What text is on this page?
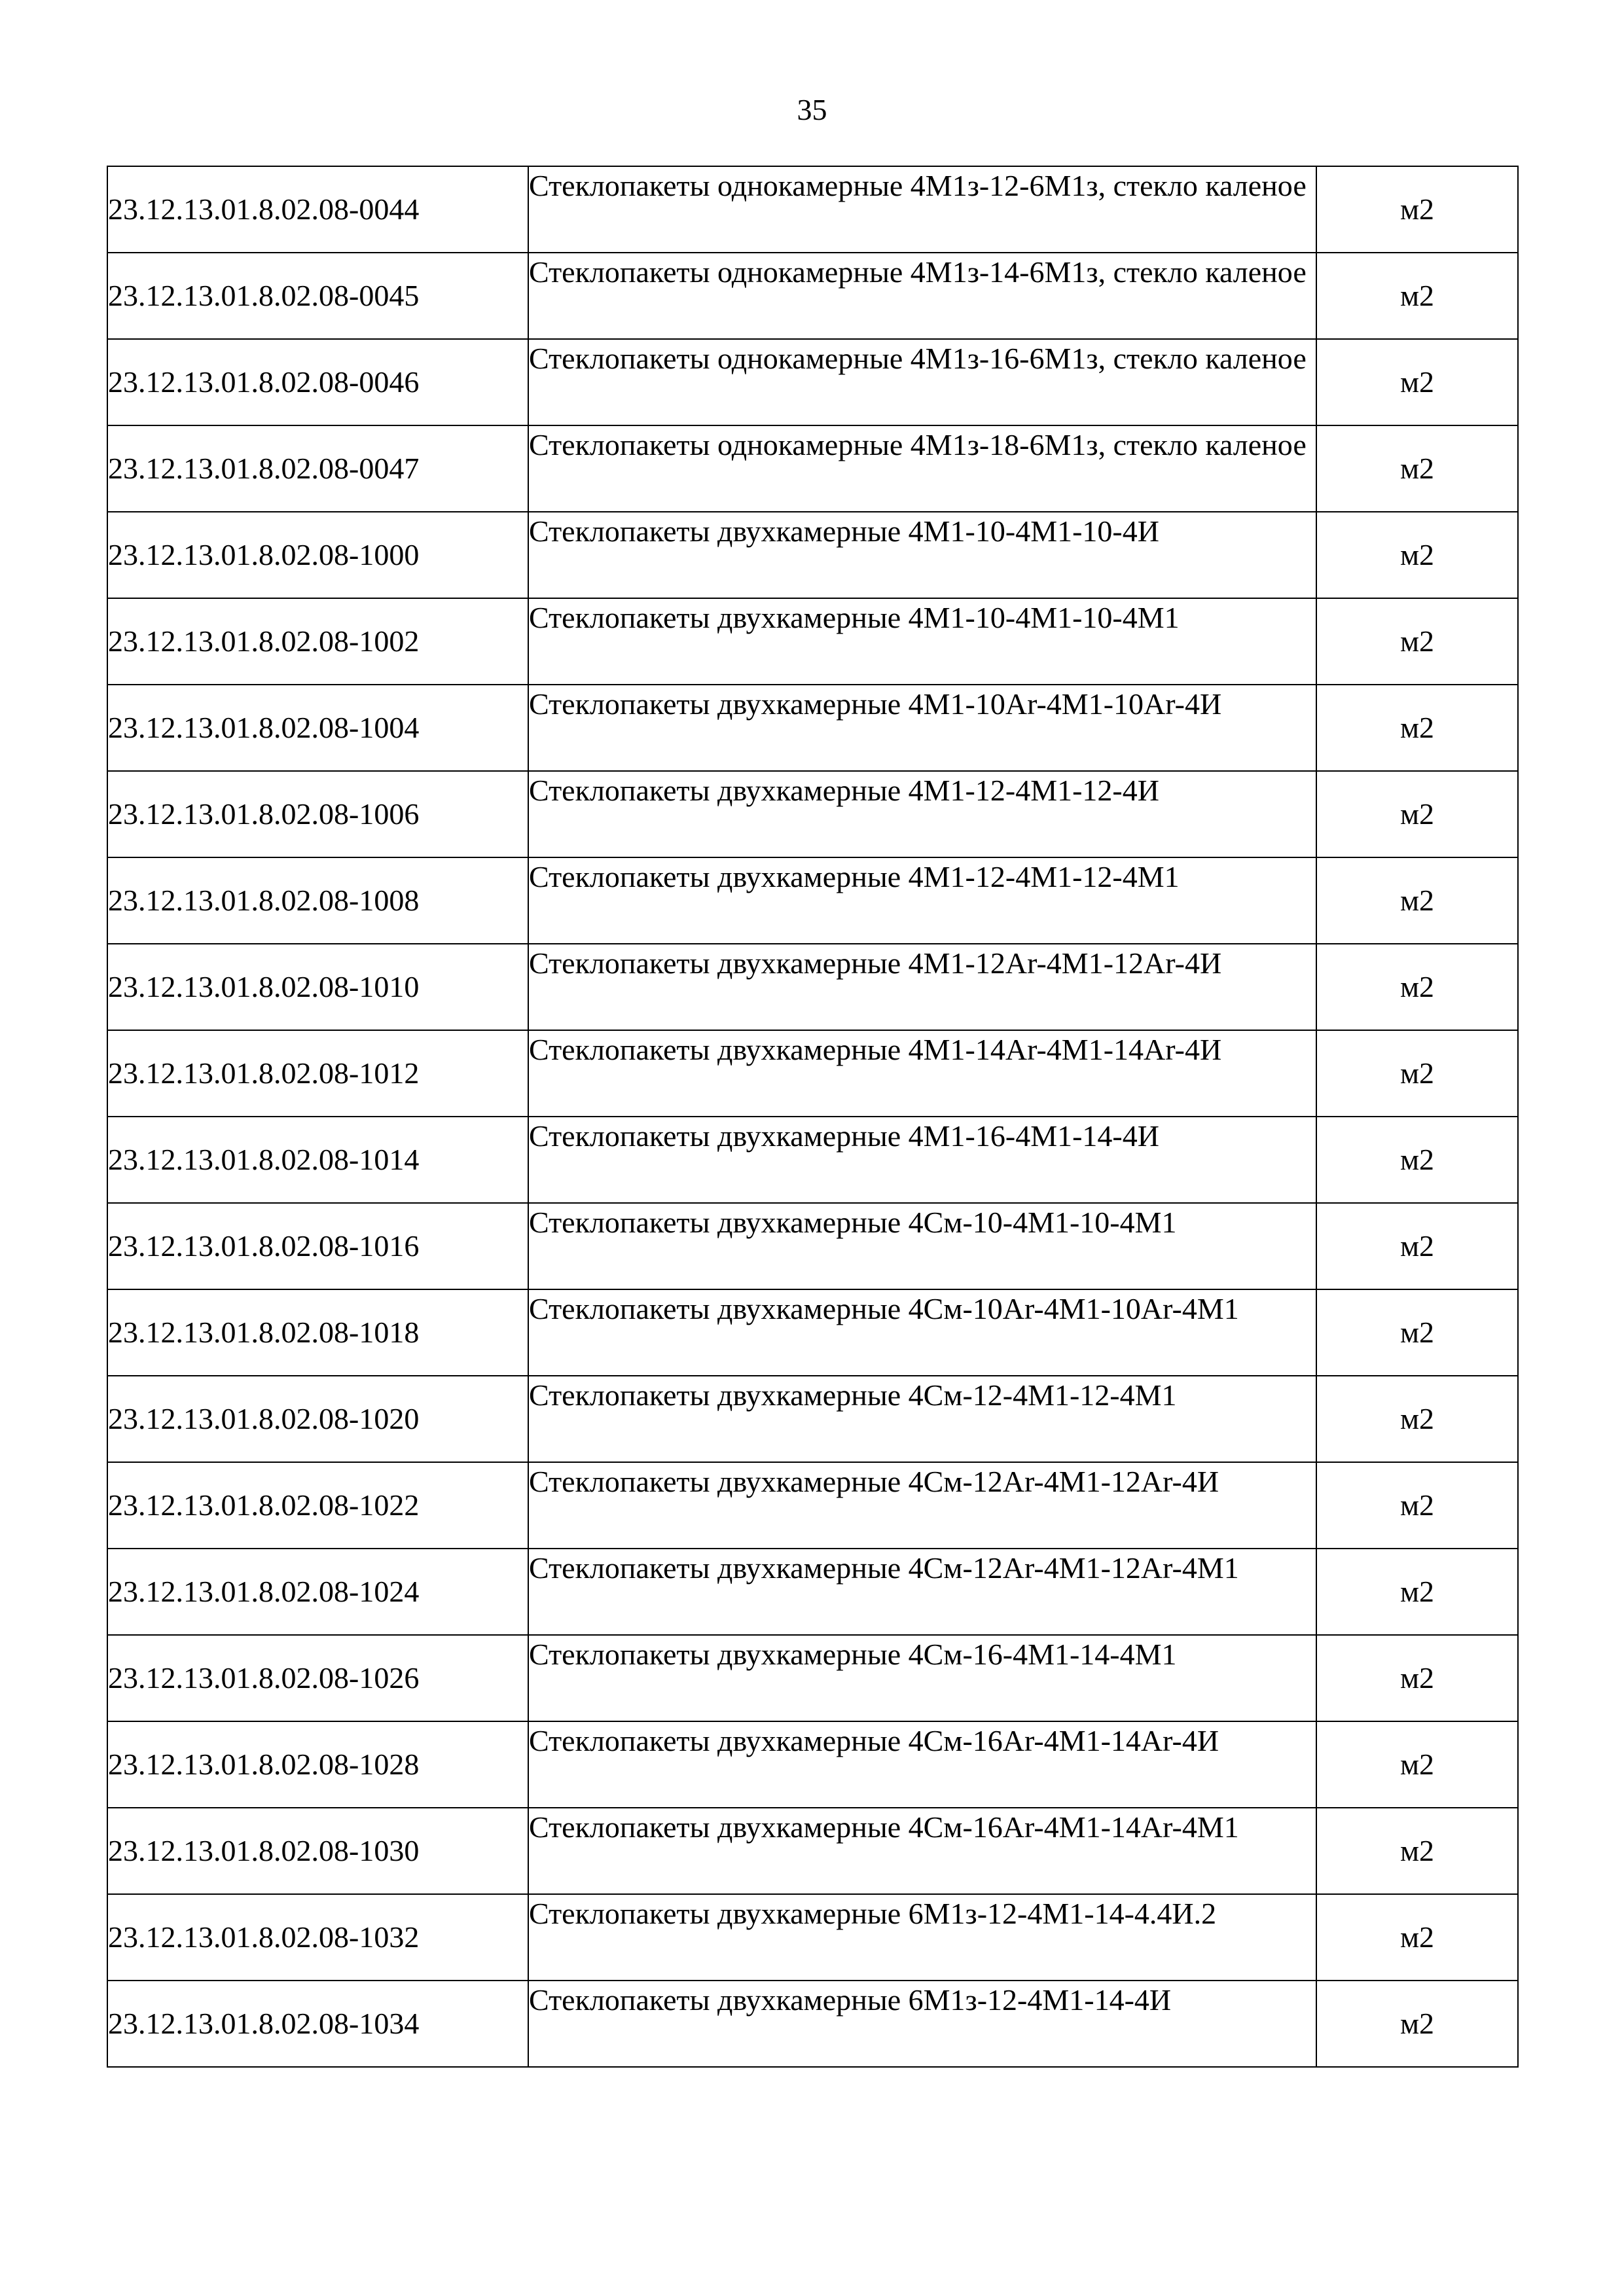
35
23.12.13.01.8.02.08-0044	Стеклопакеты однокамерные 4М1з-12-6М1з, стекло каленое	м2
23.12.13.01.8.02.08-0045	Стеклопакеты однокамерные 4М1з-14-6М1з, стекло каленое	м2
23.12.13.01.8.02.08-0046	Стеклопакеты однокамерные 4М1з-16-6М1з, стекло каленое	м2
23.12.13.01.8.02.08-0047	Стеклопакеты однокамерные 4М1з-18-6М1з, стекло каленое	м2
23.12.13.01.8.02.08-1000	Стеклопакеты двухкамерные 4М1-10-4М1-10-4И	м2
23.12.13.01.8.02.08-1002	Стеклопакеты двухкамерные 4М1-10-4М1-10-4М1	м2
23.12.13.01.8.02.08-1004	Стеклопакеты двухкамерные 4М1-10Ar-4М1-10Ar-4И	м2
23.12.13.01.8.02.08-1006	Стеклопакеты двухкамерные 4М1-12-4М1-12-4И	м2
23.12.13.01.8.02.08-1008	Стеклопакеты двухкамерные 4М1-12-4М1-12-4М1	м2
23.12.13.01.8.02.08-1010	Стеклопакеты двухкамерные 4М1-12Ar-4М1-12Ar-4И	м2
23.12.13.01.8.02.08-1012	Стеклопакеты двухкамерные 4М1-14Ar-4М1-14Ar-4И	м2
23.12.13.01.8.02.08-1014	Стеклопакеты двухкамерные 4М1-16-4М1-14-4И	м2
23.12.13.01.8.02.08-1016	Стеклопакеты двухкамерные 4См-10-4М1-10-4М1	м2
23.12.13.01.8.02.08-1018	Стеклопакеты двухкамерные 4См-10Ar-4М1-10Ar-4М1	м2
23.12.13.01.8.02.08-1020	Стеклопакеты двухкамерные 4См-12-4М1-12-4М1	м2
23.12.13.01.8.02.08-1022	Стеклопакеты двухкамерные 4См-12Ar-4М1-12Ar-4И	м2
23.12.13.01.8.02.08-1024	Стеклопакеты двухкамерные 4См-12Ar-4М1-12Ar-4М1	м2
23.12.13.01.8.02.08-1026	Стеклопакеты двухкамерные 4См-16-4М1-14-4М1	м2
23.12.13.01.8.02.08-1028	Стеклопакеты двухкамерные 4См-16Ar-4М1-14Ar-4И	м2
23.12.13.01.8.02.08-1030	Стеклопакеты двухкамерные 4См-16Ar-4М1-14Ar-4М1	м2
23.12.13.01.8.02.08-1032	Стеклопакеты двухкамерные 6М1з-12-4М1-14-4.4И.2	м2
23.12.13.01.8.02.08-1034	Стеклопакеты двухкамерные 6М1з-12-4М1-14-4И	м2
